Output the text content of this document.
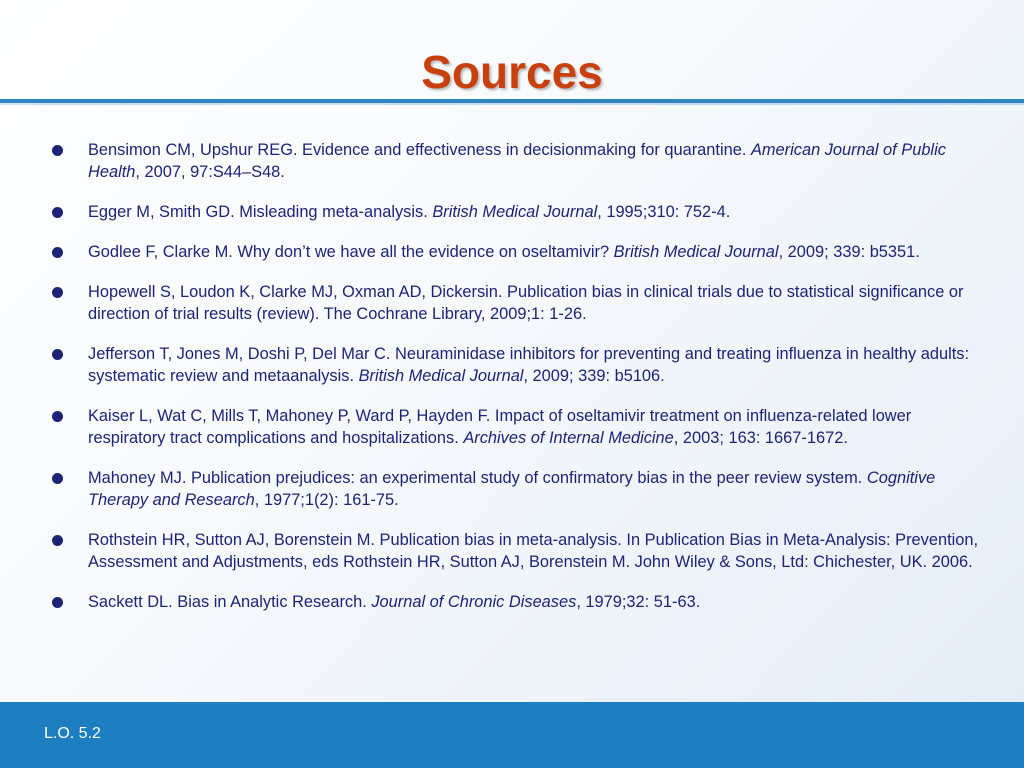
Sources
Bensimon CM, Upshur REG. Evidence and effectiveness in decisionmaking for quarantine. American Journal of Public Health, 2007, 97:S44–S48.
Egger M, Smith GD. Misleading meta-analysis. British Medical Journal, 1995;310: 752-4.
Godlee F, Clarke M. Why don’t we have all the evidence on oseltamivir? British Medical Journal, 2009; 339: b5351.
Hopewell S, Loudon K, Clarke MJ, Oxman AD, Dickersin. Publication bias in clinical trials due to statistical significance or direction of trial results (review). The Cochrane Library, 2009;1: 1-26.
Jefferson T, Jones M, Doshi P, Del Mar C. Neuraminidase inhibitors for preventing and treating influenza in healthy adults: systematic review and metaanalysis. British Medical Journal, 2009; 339: b5106.
Kaiser L, Wat C, Mills T, Mahoney P, Ward P, Hayden F. Impact of oseltamivir treatment on influenza-related lower respiratory tract complications and hospitalizations. Archives of Internal Medicine, 2003; 163: 1667-1672.
Mahoney MJ. Publication prejudices: an experimental study of confirmatory bias in the peer review system. Cognitive Therapy and Research, 1977;1(2): 161-75.
Rothstein HR, Sutton AJ, Borenstein M. Publication bias in meta-analysis. In Publication Bias in Meta-Analysis: Prevention, Assessment and Adjustments, eds Rothstein HR, Sutton AJ, Borenstein M. John Wiley & Sons, Ltd: Chichester, UK. 2006.
Sackett DL. Bias in Analytic Research. Journal of Chronic Diseases, 1979;32: 51-63.
L.O. 5.2
